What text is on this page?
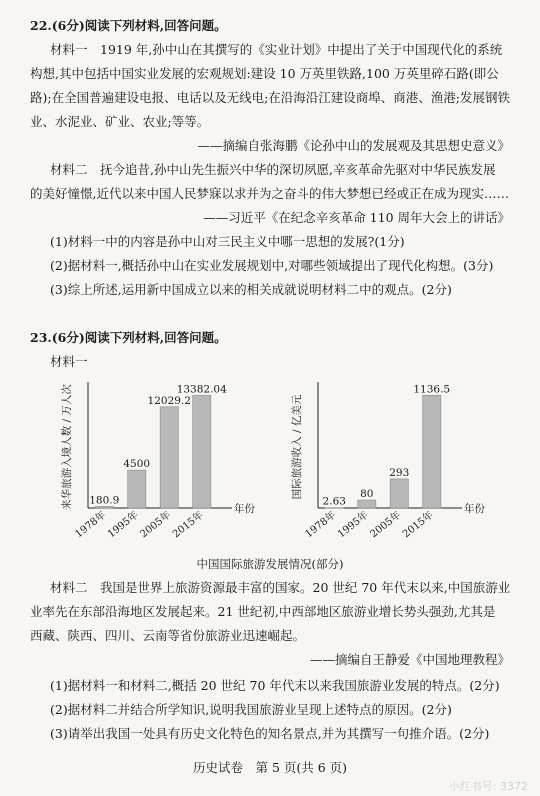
22.(6分)阅读下列材料,回答问题。
材料一　1919 年,孙中山在其撰写的《实业计划》中提出了关于中国现代化的系统
构想,其中包括中国实业发展的宏观规划:建设 10 万英里铁路,100 万英里碎石路(即公
路);在全国普遍建设电报、电话以及无线电;在沿海沿江建设商埠、商港、渔港;发展钢铁
业、水泥业、矿业、农业;等等。
——摘编自张海鹏《论孙中山的发展观及其思想史意义》
材料二　抚今追昔,孙中山先生振兴中华的深切夙愿,辛亥革命先驱对中华民族发展
的美好憧憬,近代以来中国人民梦寐以求并为之奋斗的伟大梦想已经或正在成为现实……
——习近平《在纪念辛亥革命 110 周年大会上的讲话》
(1)材料一中的内容是孙中山对三民主义中哪一思想的发展?(1分)
(2)据材料一,概括孙中山在实业发展规划中,对哪些领域提出了现代化构想。(3分)
(3)综上所述,运用新中国成立以来的相关成就说明材料二中的观点。(2分)
23.(6分)阅读下列材料,回答问题。
材料一
来华旅游入境人数 / 万人次	年份
180.9
1978年
4500
1995年
12029.2
2005年
13382.04
2015年
国际旅游收入 / 亿美元
年份
2.63
1978年
80
1995年
293
2005年
1136.5
2015年
中国国际旅游发展情况(部分)
材料二　我国是世界上旅游资源最丰富的国家。20 世纪 70 年代末以来,中国旅游业
业率先在东部沿海地区发展起来。21 世纪初,中西部地区旅游业增长势头强劲,尤其是
西藏、陕西、四川、云南等省份旅游业迅速崛起。
——摘编自王静爱《中国地理教程》
(1)据材料一和材料二,概括 20 世纪 70 年代末以来我国旅游业发展的特点。(2分)
(2)据材料二并结合所学知识,说明我国旅游业呈现上述特点的原因。(2分)
(3)请举出我国一处具有历史文化特色的知名景点,并为其撰写一句推介语。(2分)
历史试卷　第 5 页(共 6 页)
小红书号: 3372
